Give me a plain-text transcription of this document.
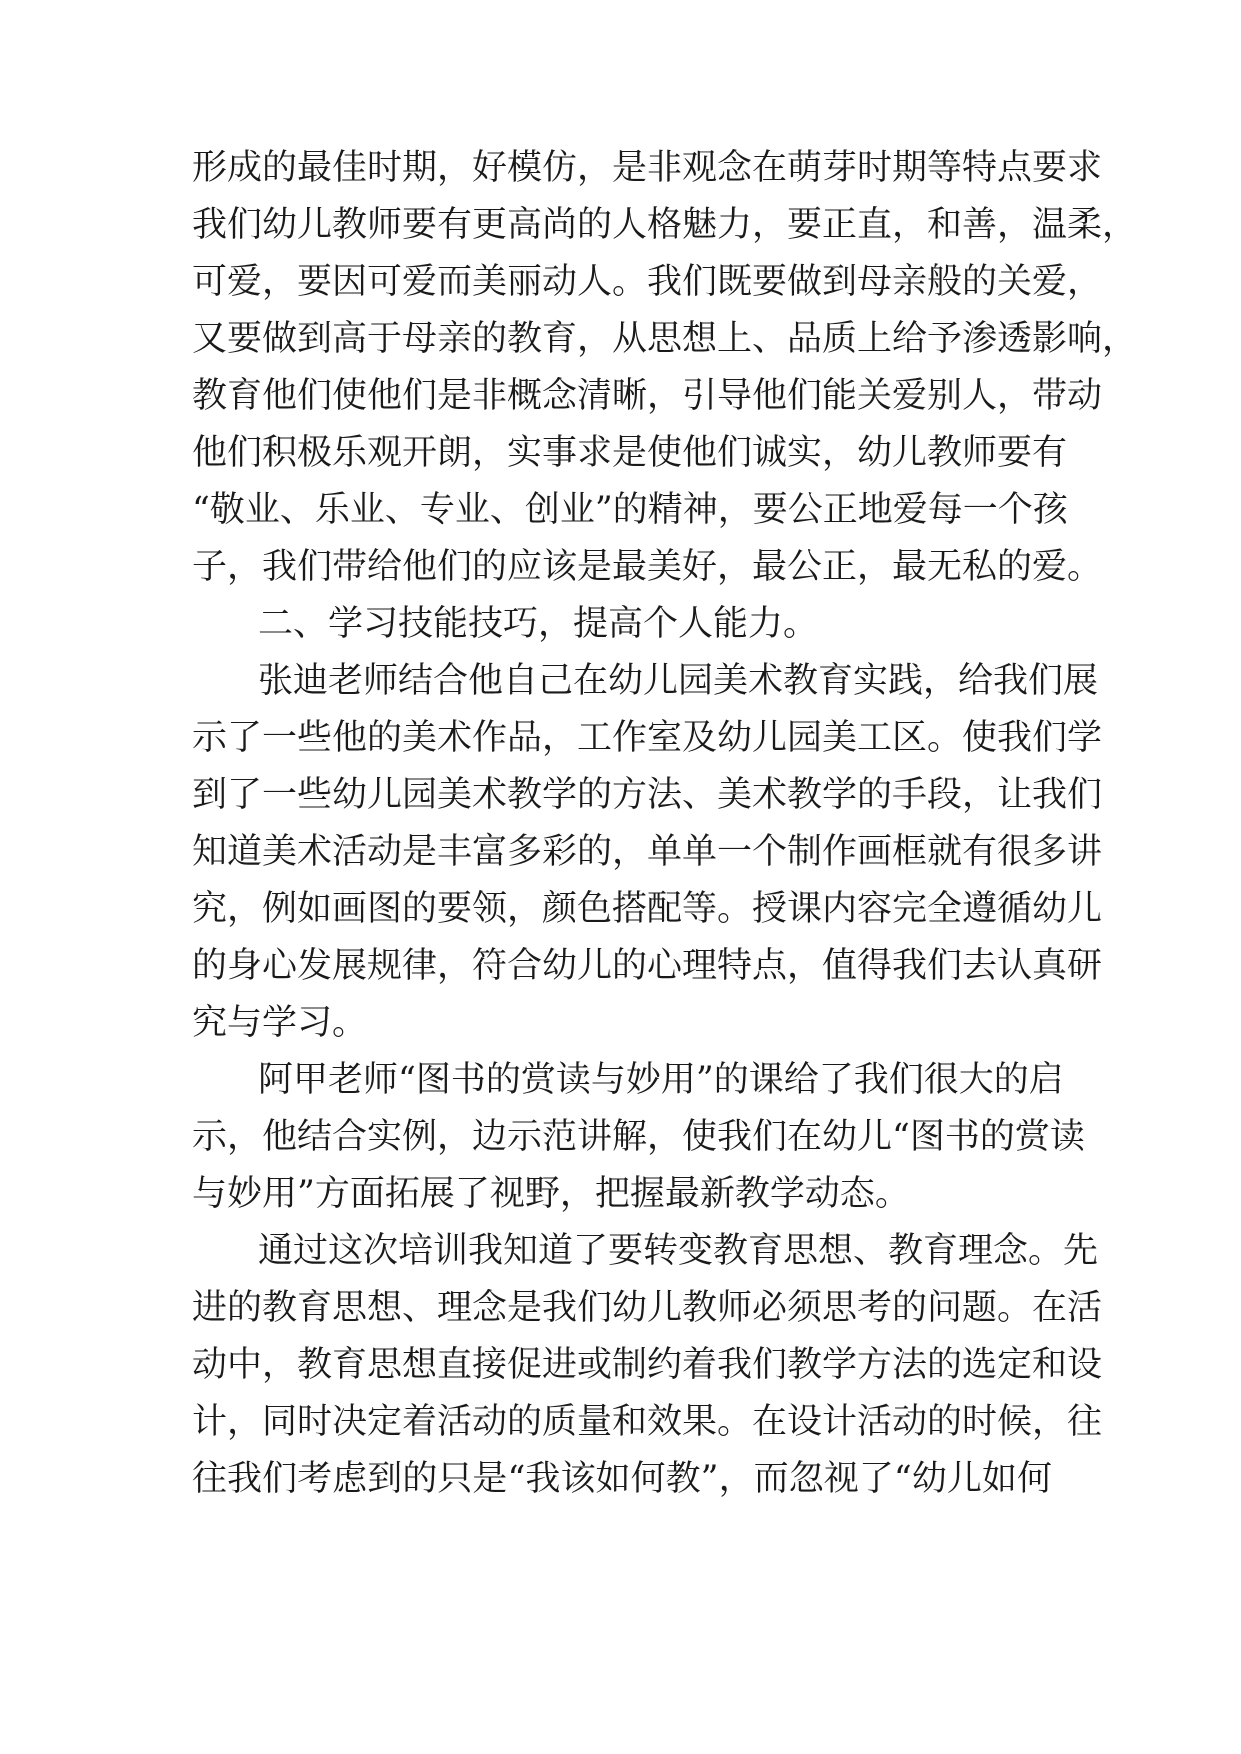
形成的最佳时期，好模仿，是非观念在萌芽时期等特点要求
我们幼儿教师要有更高尚的人格魅力，要正直，和善，温柔，
可爱，要因可爱而美丽动人。我们既要做到母亲般的关爱，
又要做到高于母亲的教育，从思想上、品质上给予渗透影响，
教育他们使他们是非概念清晰，引导他们能关爱别人，带动
他们积极乐观开朗，实事求是使他们诚实，幼儿教师要有
“敬业、乐业、专业、创业”的精神，要公正地爱每一个孩
子，我们带给他们的应该是最美好，最公正，最无私的爱。
二、学习技能技巧，提高个人能力。
张迪老师结合他自己在幼儿园美术教育实践，给我们展
示了一些他的美术作品，工作室及幼儿园美工区。使我们学
到了一些幼儿园美术教学的方法、美术教学的手段，让我们
知道美术活动是丰富多彩的，单单一个制作画框就有很多讲
究，例如画图的要领，颜色搭配等。授课内容完全遵循幼儿
的身心发展规律，符合幼儿的心理特点，值得我们去认真研
究与学习。
阿甲老师“图书的赏读与妙用”的课给了我们很大的启
示，他结合实例，边示范讲解，使我们在幼儿“图书的赏读
与妙用”方面拓展了视野，把握最新教学动态。
通过这次培训我知道了要转变教育思想、教育理念。先
进的教育思想、理念是我们幼儿教师必须思考的问题。在活
动中，教育思想直接促进或制约着我们教学方法的选定和设
计，同时决定着活动的质量和效果。在设计活动的时候，往
往我们考虑到的只是“我该如何教”，而忽视了“幼儿如何
